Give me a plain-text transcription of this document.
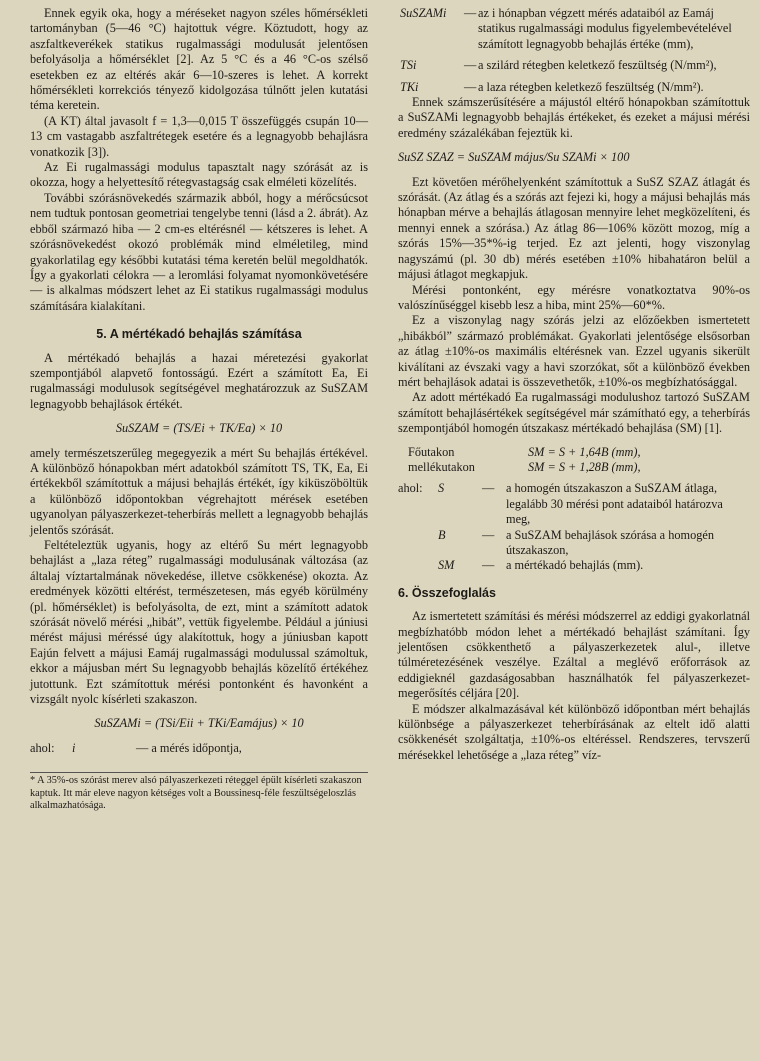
Ennek egyik oka, hogy a méréseket nagyon széles hőmérsékleti tartományban (5—46 °C) hajtottuk végre. Köztudott, hogy az aszfaltkeverékek statikus rugalmassági modulusát jelentősen befolyásolja a hőmérséklet [2]. Az 5 °C és a 46 °C-os szélső esetekben ez az eltérés akár 6—10-szeres is lehet. A korrekt hőmérsékleti korrekciós tényező kidolgozása túlnőtt jelen kutatási téma keretein.

(A KT) által javasolt f = 1,3—0,015 T összefüggés csupán 10—13 cm vastagabb aszfaltrétegek esetére és a legnagyobb behajlásra vonatkozik [3]).

Az Ei rugalmassági modulus tapasztalt nagy szórását az is okozza, hogy a helyettesítő rétegvastagság csak elméleti közelítés.

További szórásnövekedés származik abból, hogy a mérőcsúcsot nem tudtuk pontosan geometriai tengelybe tenni (lásd a 2. ábrát). Az ebből származó hiba — 2 cm-es eltérésnél — kétszeres is lehet. A szórásnövekedést okozó problémák mind elméletileg, mind gyakorlatilag egy későbbi kutatási téma keretén belül megoldhatók. Így a gyakorlati célokra — a leromlási folyamat nyomonkövetésére — is alkalmas módszert lehet az Ei statikus rugalmassági modulus számítására kialakítani.

5. A mértékadó behajlás számítása

A mértékadó behajlás a hazai méretezési gyakorlat szempontjából alapvető fontosságú. Ezért a számított Ea, Ei rugalmassági modulusok segítségével meghatározzuk az SuSZAM legnagyobb behajlások értékét.

SuSZAM = (TS/Ei + TK/Ea) × 10

amely természetszerűleg megegyezik a mért Su behajlás értékével. A különböző hónapokban mért adatokból számított TS, TK, Ea, Ei értékekből számítottuk a májusi behajlás értékét, így kiküszöböltük a különböző időpontokban végrehajtott mérések esetében ugyanolyan pályaszerkezet-teherbírás mellett a legnagyobb behajlás jelentős szórását.

Feltételeztük ugyanis, hogy az eltérő Su mért legnagyobb behajlást a „laza réteg” rugalmassági modulusának változása (az általaj víztartalmának növekedése, illetve csökkenése) okozta. Az eredmények közötti eltérést, természetesen, más egyéb körülmény (pl. hőmérséklet) is befolyásolta, de ezt, mint a számított adatok szórását növelő mérési „hibát”, vettük figyelembe. Például a júniusi mérést májusi méréssé úgy alakítottuk, hogy a júniusban kapott Eajún felvett a májusi Eamáj rugalmassági modulussal számoltuk, ekkor a májusban mért Su legnagyobb behajlás közelítő értékéhez jutottunk. Ezt számítottuk mérési pontonként és havonként a vizsgált nyolc kísérleti szakaszon.

SuSZAMi = (TSi/Eii + TKi/Eamájus) × 10
ahol:	i	— a mérés időpontja,
* A 35%-os szórást merev alsó pályaszerkezeti réteggel épült kísérleti szakaszon kaptuk. Itt már eleve nagyon kétséges volt a Boussinesq-féle feszültségeloszlás alkalmazhatósága.
SuSZAMi	— az i hónapban végzett mérés adataiból az Eamáj statikus rugalmassági modulus figyelembevételével számított legnagyobb behajlás értéke (mm),
TSi	— a szilárd rétegben keletkező feszültség (N/mm²),
TKi	— a laza rétegben keletkező feszültség (N/mm²).

Ennek számszerűsítésére a májustól eltérő hónapokban számítottuk a SuSZAMi legnagyobb behajlás értékeket, és ezeket a májusi mérési eredmény százalékában fejeztük ki.

SuSZ SZAZ = SuSZAM május/Su SZAMi × 100

Ezt követően mérőhelyenként számítottuk a SuSZ SZAZ átlagát és szórását. (Az átlag és a szórás azt fejezi ki, hogy a májusi behajlás más hónapban mérve a behajlás átlagosan mennyire lehet megközelíteni, és mennyi ennek a szórása.) Az átlag 86—106% között mozog, míg a szórás 15%—35*%-ig terjed. Ez azt jelenti, hogy viszonylag nagyszámú (pl. 30 db) mérés esetében ±10% hibahatáron belül a májusi átlagot megkapjuk.

Mérési pontonként, egy mérésre vonatkoztatva 90%-os valószínűséggel kisebb lesz a hiba, mint 25%—60*%.

Ez a viszonylag nagy szórás jelzi az előzőekben ismertetett „hibákból” származó problémákat. Gyakorlati jelentősége elsősorban az átlag ±10%-os maximális eltérésnek van. Ezzel ugyanis sikerült kiválítani az évszaki vagy a havi szorzókat, sőt a különböző években mért behajlások adatai is összevethetők, ±10%-os megbízhatósággal.

Az adott mértékadó Ea rugalmassági modulushoz tartozó SuSZAM számított behajlásértékek segítségével már számítható egy, a teherbírás szempontjából homogén útszakasz mértékadó behajlása (SM) [1].

Főutakon	SM = S + 1,64B (mm),
mellékutakon	SM = S + 1,28B (mm),
ahol:	S	— a homogén útszakaszon a SuSZAM átlaga, legalább 30 mérési pont adataiból határozva meg,
B	— a SuSZAM behajlások szórása a homogén útszakaszon,
SM	— a mértékadó behajlás (mm).
6. Összefoglalás

Az ismertetett számítási és mérési módszerrel az eddigi gyakorlatnál megbízhatóbb módon lehet a mértékadó behajlást számítani. Így jelentősen csökkenthető a pályaszerkezetek alul-, illetve túlméretezésének veszélye. Ezáltal a meglévő erőforrások az eddigieknél gazdaságosabban használhatók fel pályaszerkezet-megerősítés céljára [20].

E módszer alkalmazásával két különböző időpontban mért behajlás különbsége a pályaszerkezet teherbírásának az eltelt idő alatti csökkenését szolgáltatja, ±10%-os eltéréssel. Rendszeres, tervszerű mérésekkel lehetősége a „laza réteg” víz-
